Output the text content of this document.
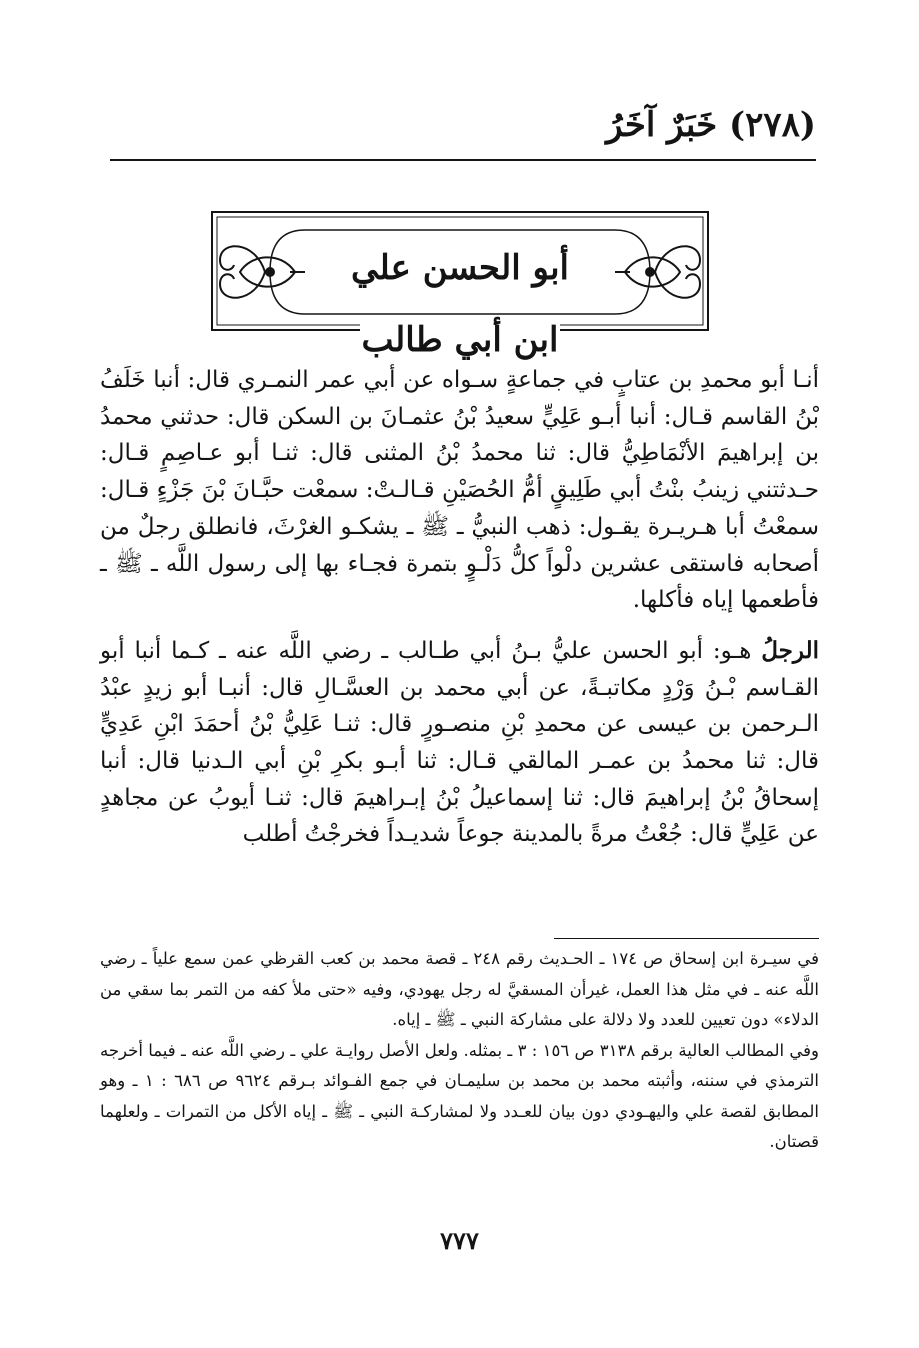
(٢٧٨) خَبَرٌ آخَرُ
أبو الحسن علي
ابن أبي طالب

أنـا أبو محمدِ بن عتابٍ في جماعةٍ سـواه عن أبي عمر النمـري قال: أنبا خَلَفُ بْنُ القاسم قـال: أنبا أبـو عَلِيٍّ سعيدُ بْنُ عثمـانَ بن السكن قال: حدثني محمدُ بن إبراهيمَ الأنْمَاطِيُّ قال: ثنا محمدُ بْنُ المثنى قال: ثنـا أبو عـاصِمٍ قـال: حـدثتني زينبُ بنْتُ أبي طَلِيقٍ أمُّ الحُصَيْنِ قـالـتْ: سمعْت حبَّـانَ بْنَ جَزْءٍ قـال: سمعْتُ أبا هـريـرة يقـول: ذهب النبيُّ ـ ﷺ ـ يشكـو الغرْثَ، فانطلق رجلٌ من أصحابه فاستقى عشرين دلْواً كلُّ دَلْـوٍ بتمرة فجـاء بها إلى رسول اللَّه ـ ﷺ ـ فأطعمها إياه فأكلها.

الرجلُ هـو: أبو الحسن عليُّ بـنُ أبي طـالب ـ رضي اللَّه عنه ـ كـما أنبا أبو القـاسم بْـنُ وَرْدٍ مكاتبـةً، عن أبي محمد بن العسَّـالِ قال: أنبـا أبو زيدٍ عبْدُ الـرحمن بن عيسى عن محمدِ بْنِ منصـورٍ قال: ثنـا عَلِيُّ بْنُ أحمَدَ ابْنِ عَدِيٍّ قال: ثنا محمدُ بن عمـر المالقي قـال: ثنا أبـو بكرِ بْنِ أبي الـدنيا قال: أنبا إسحاقُ بْنُ إبراهيمَ قال: ثنا إسماعيلُ بْنُ إبـراهيمَ قال: ثنـا أيوبُ عن مجاهدٍ عن عَلِيٍّ قال: جُعْتُ مرةً بالمدينة جوعاً شديـداً فخرجْتُ أطلب

في سيـرة ابن إسحاق ص ١٧٤ ـ الحـديث رقم ٢٤٨ ـ قصة محمد بن كعب القرظي عمن سمع علياً ـ رضي اللَّه عنه ـ في مثل هذا العمل، غيرأن المسقيَّ له رجل يهودي، وفيه «حتى ملأ كفه من التمر بما سقي من الدلاء» دون تعيين للعدد ولا دلالة على مشاركة النبي ـ ﷺ ـ إياه.

وفي المطالب العالية برقم ٣١٣٨ ص ١٥٦ : ٣ ـ بمثله. ولعل الأصل روايـة علي ـ رضي اللَّه عنه ـ فيما أخرجه الترمذي في سننه، وأثبته محمد بن محمد بن سليمـان في جمع الفـوائد بـرقم ٩٦٢٤ ص ٦٨٦ : ١ ـ وهو المطابق لقصة علي واليهـودي دون بيان للعـدد ولا لمشاركـة النبي ـ ﷺ ـ إياه الأكل من التمرات ـ ولعلهما قصتان.

٧٧٧
